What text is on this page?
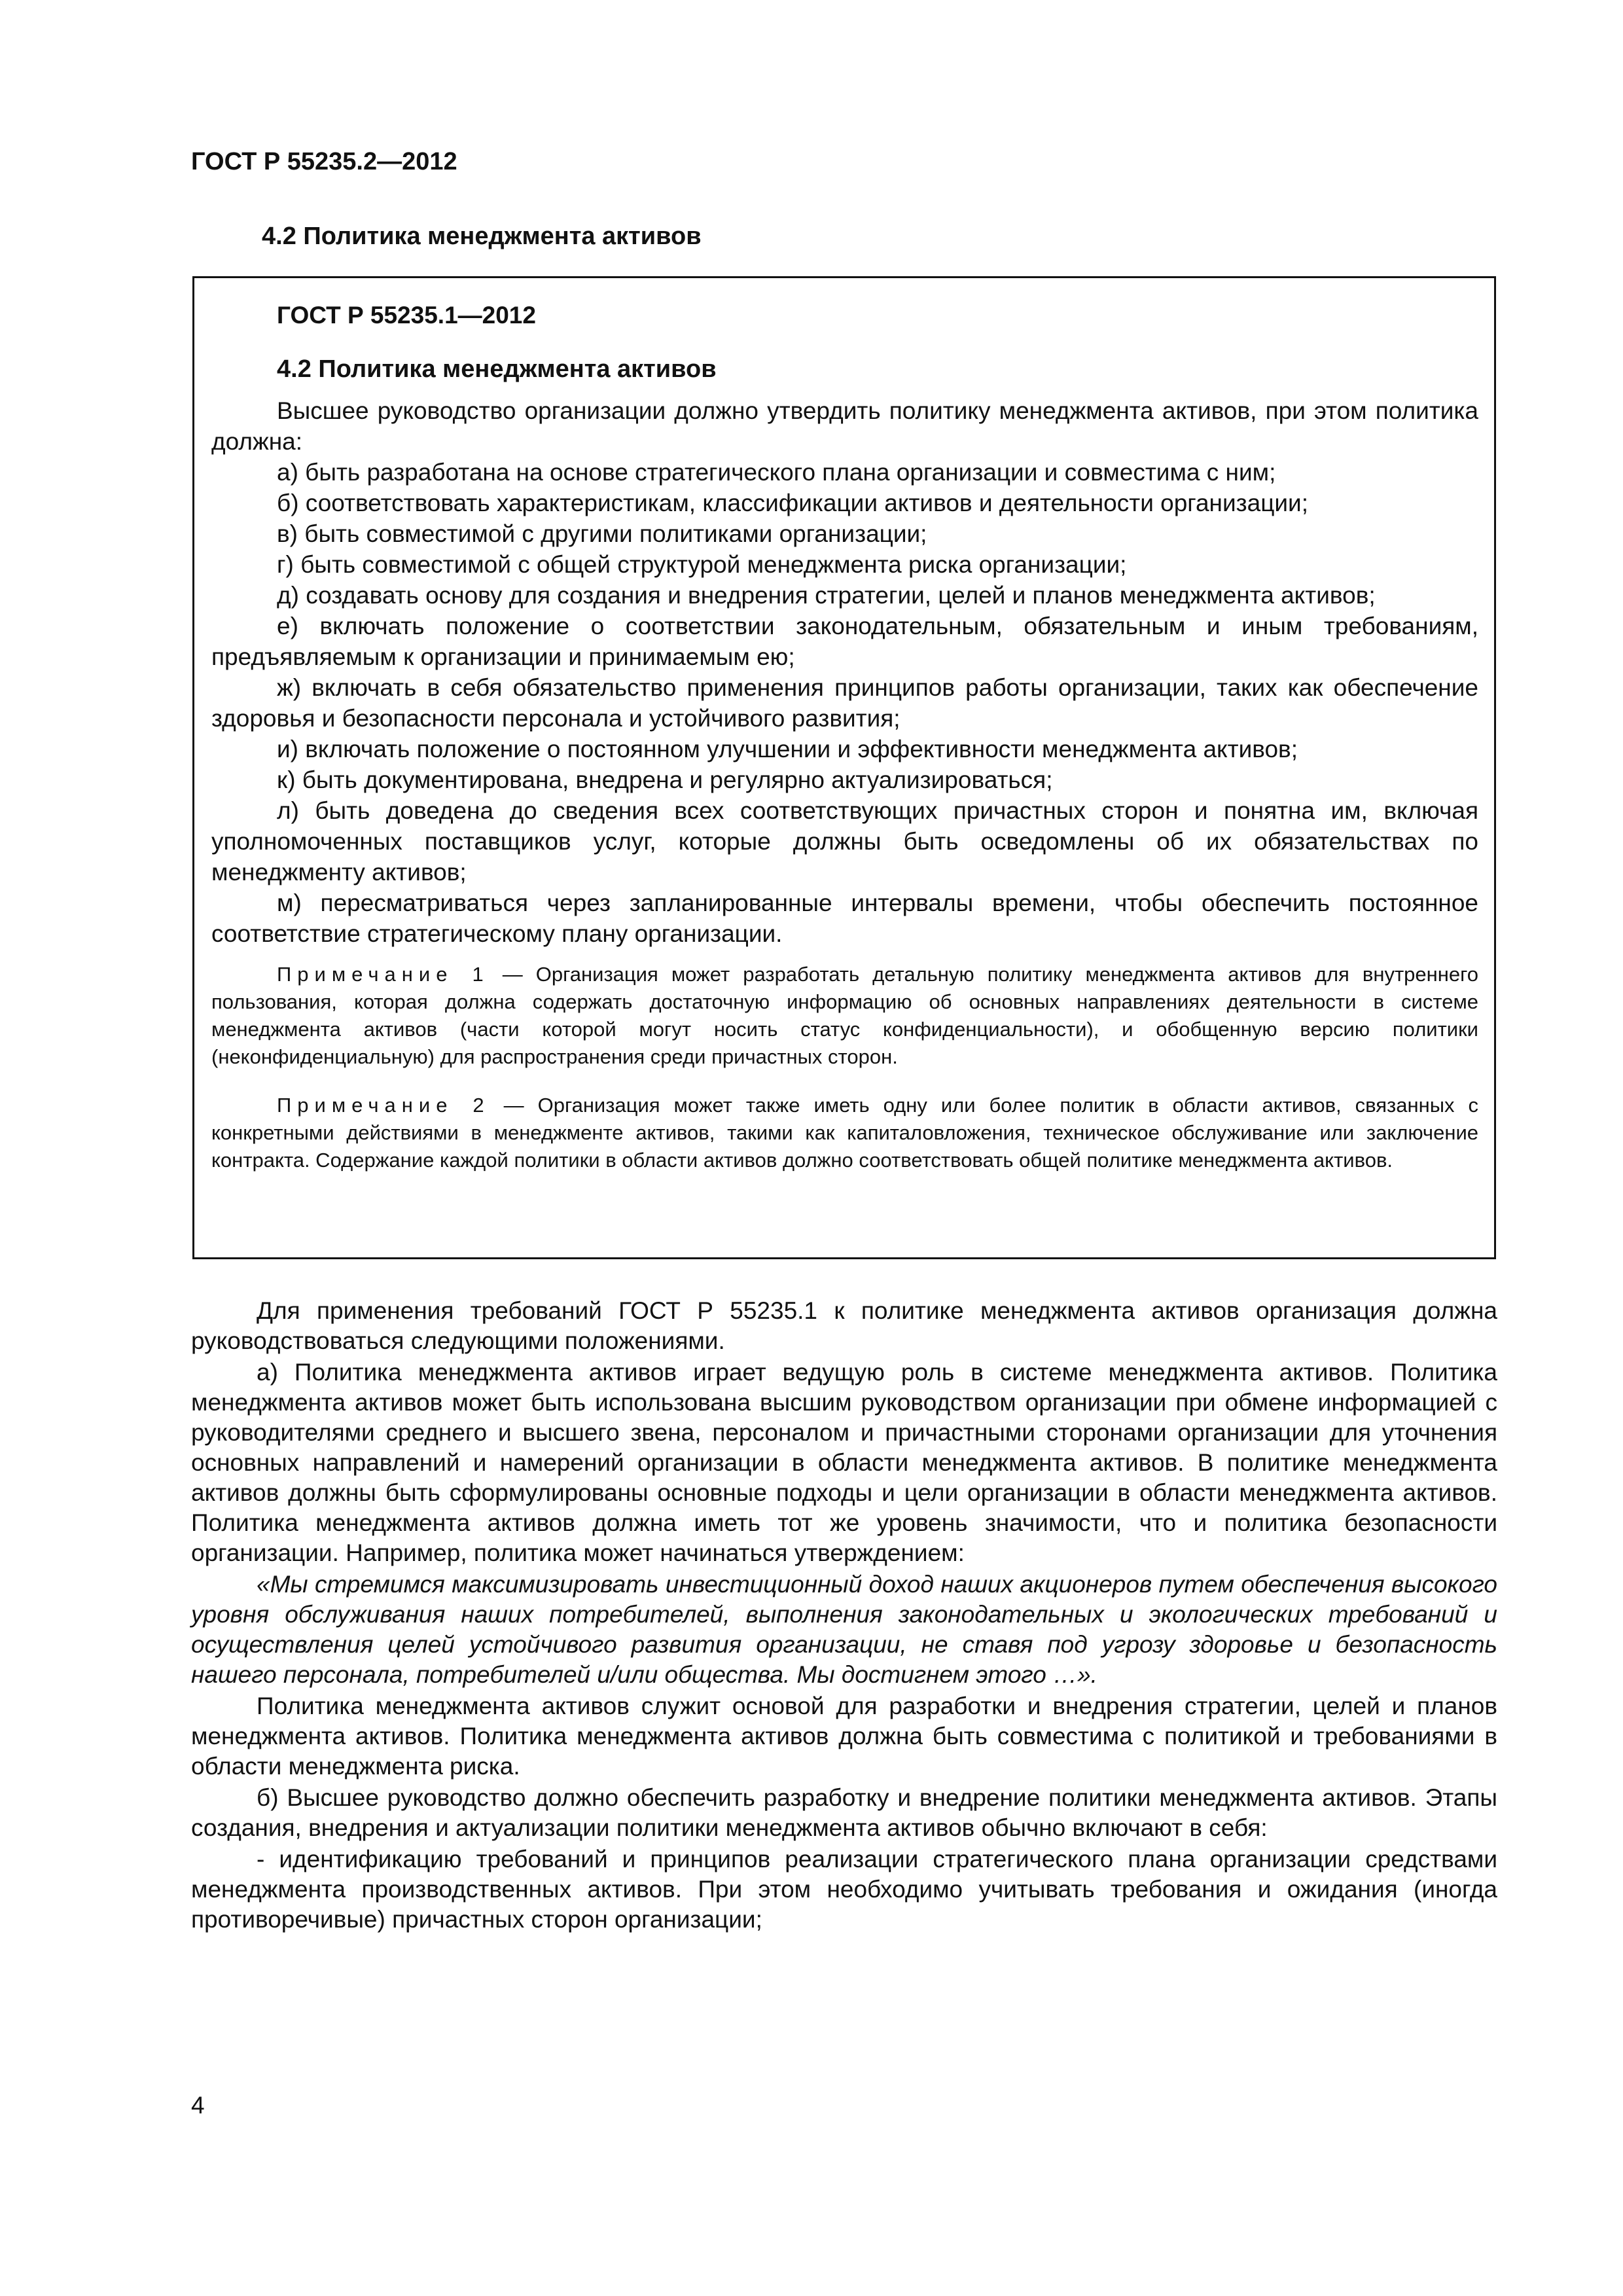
ГОСТ Р 55235.2—2012
4.2 Политика менеджмента активов
ГОСТ Р 55235.1—2012
4.2 Политика менеджмента активов

Высшее руководство организации должно утвердить политику менеджмента активов, при этом политика должна:

а) быть разработана на основе стратегического плана организации и совместима с ним;

б) соответствовать характеристикам, классификации активов и деятельности организации;

в) быть совместимой с другими политиками организации;

г) быть совместимой с общей структурой менеджмента риска организации;

д) создавать основу для создания и внедрения стратегии, целей и планов менеджмента активов;

е) включать положение о соответствии законодательным, обязательным и иным требованиям, предъявляемым к организации и принимаемым ею;

ж) включать в себя обязательство применения принципов работы организации, таких как обеспечение здоровья и безопасности персонала и устойчивого развития;

и) включать положение о постоянном улучшении и эффективности менеджмента активов;

к) быть документирована, внедрена и регулярно актуализироваться;

л) быть доведена до сведения всех соответствующих причастных сторон и понятна им, включая уполномоченных поставщиков услуг, которые должны быть осведомлены об их обязательствах по менеджменту активов;

м) пересматриваться через запланированные интервалы времени, чтобы обеспечить постоянное соответствие стратегическому плану организации.

Примечание 1 — Организация может разработать детальную политику менеджмента активов для внутреннего пользования, которая должна содержать достаточную информацию об основных направлениях деятельности в системе менеджмента активов (части которой могут носить статус конфиденциальности), и обобщенную версию политики (неконфиденциальную) для распространения среди причастных сторон.

Примечание 2 — Организация может также иметь одну или более политик в области активов, связанных с конкретными действиями в менеджменте активов, такими как капиталовложения, техническое обслуживание или заключение контракта. Содержание каждой политики в области активов должно соответствовать общей политике менеджмента активов.

Для применения требований ГОСТ Р 55235.1 к политике менеджмента активов организация должна руководствоваться следующими положениями.

а) Политика менеджмента активов играет ведущую роль в системе менеджмента активов. Политика менеджмента активов может быть использована высшим руководством организации при обмене информацией с руководителями среднего и высшего звена, персоналом и причастными сторонами организации для уточнения основных направлений и намерений организации в области менеджмента активов. В политике менеджмента активов должны быть сформулированы основные подходы и цели организации в области менеджмента активов. Политика менеджмента активов должна иметь тот же уровень значимости, что и политика безопасности организации. Например, политика может начинаться утверждением:

«Мы стремимся максимизировать инвестиционный доход наших акционеров путем обеспечения высокого уровня обслуживания наших потребителей, выполнения законодательных и экологических требований и осуществления целей устойчивого развития организации, не ставя под угрозу здоровье и безопасность нашего персонала, потребителей и/или общества. Мы достигнем этого …».

Политика менеджмента активов служит основой для разработки и внедрения стратегии, целей и планов менеджмента активов. Политика менеджмента активов должна быть совместима с политикой и требованиями в области менеджмента риска.

б) Высшее руководство должно обеспечить разработку и внедрение политики менеджмента активов. Этапы создания, внедрения и актуализации политики менеджмента активов обычно включают в себя:

- идентификацию требований и принципов реализации стратегического плана организации средствами менеджмента производственных активов. При этом необходимо учитывать требования и ожидания (иногда противоречивые) причастных сторон организации;

4
